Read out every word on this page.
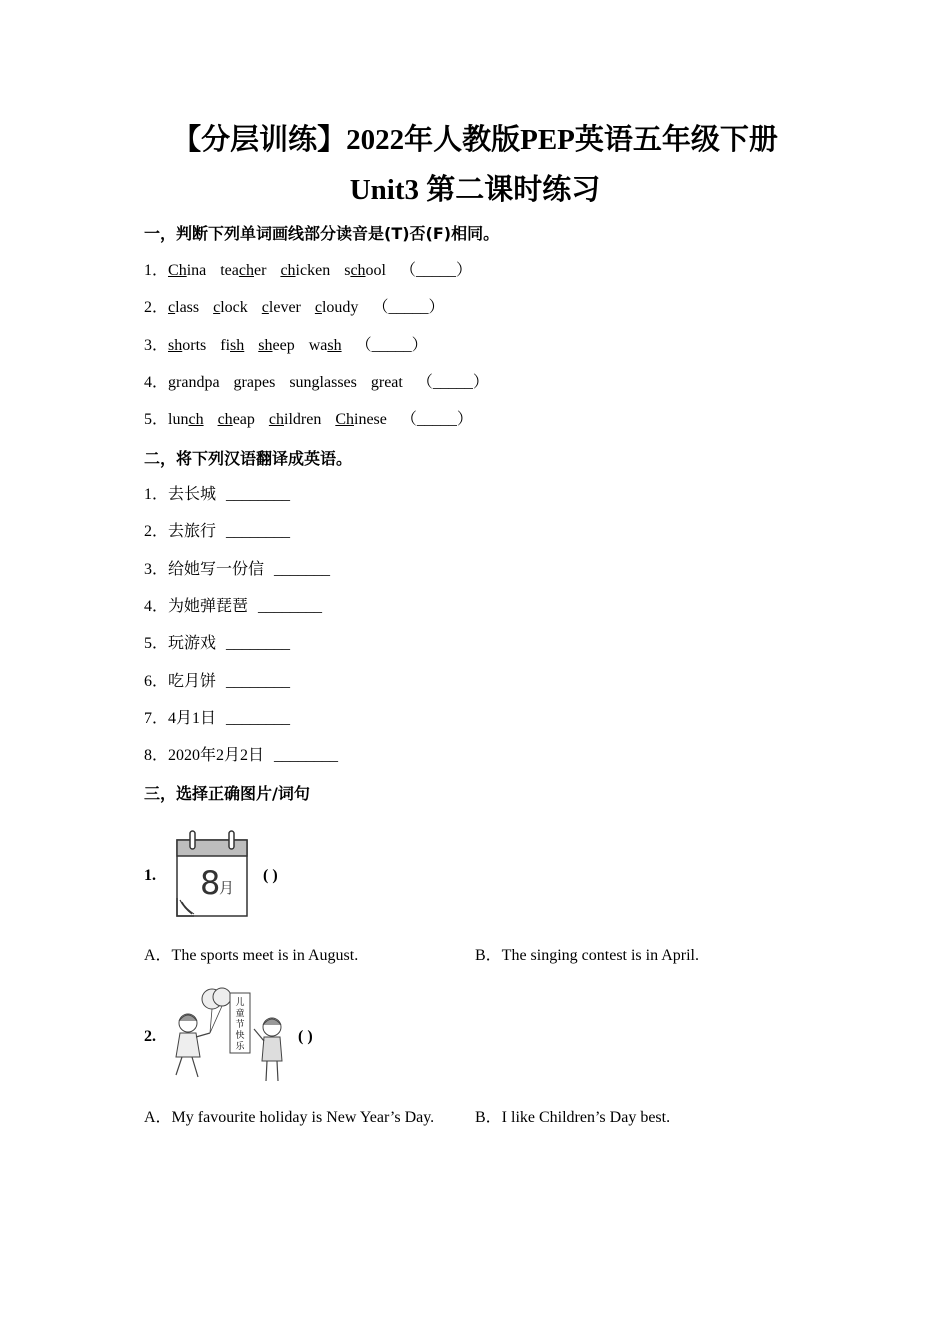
【分层训练】2022年人教版PEP英语五年级下册
Unit3 第二课时练习
一，判断下列单词画线部分读音是(T)否(F)相同。
1．China teacher chicken school （_____）
2．class clock clever cloudy （_____）
3．shorts fish sheep wash （_____）
4．grandpa grapes sunglasses great （_____）
5．lunch cheap children Chinese （_____）
二，将下列汉语翻译成英语。
1．去长城 ________
2．去旅行 ________
3．给她写一份信 _______
4．为她弹琵琶 ________
5．玩游戏 ________
6．吃月饼 ________
7．4月1日 ________
8．2020年2月2日 ________
三，选择正确图片/词句
1. 8
月
( )
A．The sports meet is in August.	B．The singing contest is in April.
2.
儿
童
节
快
乐
( )
A．My favourite holiday is New Year’s Day.	B．I like Children’s Day best.
